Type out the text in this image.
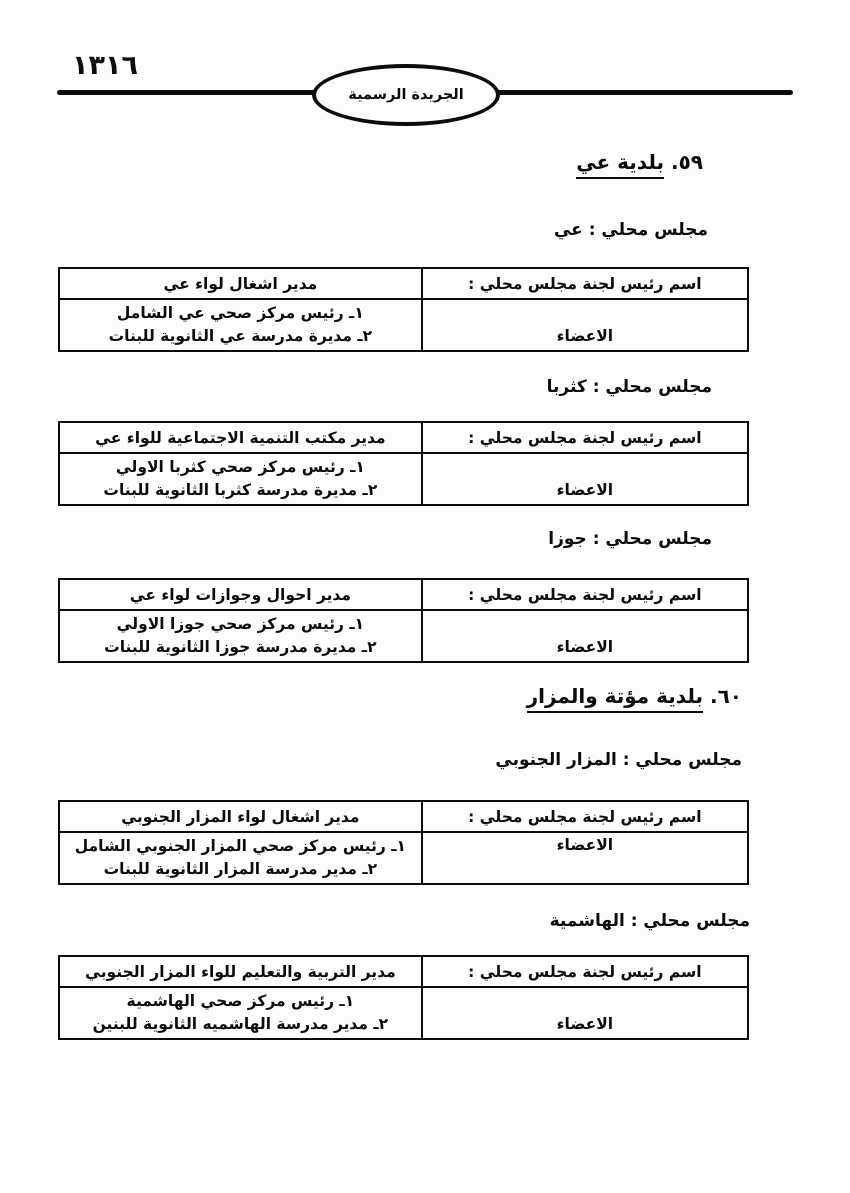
١٣١٦
الجريدة الرسمية
٥٩. بلدية عي
مجلس محلي : عي
اسم رئيس لجنة مجلس محلي :
مدير اشغال لواء عي
الاعضاء
١ـ رئيس مركز صحي عي الشامل
٢ـ مديرة مدرسة عي الثانوية للبنات
مجلس محلي : كثربا
اسم رئيس لجنة مجلس محلي :
مدير مكتب التنمية الاجتماعية للواء عي
الاعضاء
١ـ رئيس مركز صحي كثربا الاولي
٢ـ مديرة مدرسة كثربا الثانوية للبنات
مجلس محلي : جوزا
اسم رئيس لجنة مجلس محلي :
مدير احوال وجوازات لواء عي
الاعضاء
١ـ رئيس مركز صحي جوزا الاولي
٢ـ مديرة مدرسة جوزا الثانوية للبنات
٦٠. بلدية مؤتة والمزار
مجلس محلي : المزار الجنوبي
اسم رئيس لجنة مجلس محلي :
مدير اشغال لواء المزار الجنوبي
الاعضاء
١ـ رئيس مركز صحي المزار الجنوبي الشامل
٢ـ مدير مدرسة المزار الثانوية للبنات
مجلس محلي : الهاشمية
اسم رئيس لجنة مجلس محلي :
مدير التربية والتعليم للواء المزار الجنوبي
الاعضاء
١ـ رئيس مركز صحي الهاشمية
٢ـ مدير مدرسة الهاشميه الثانوية للبنين
